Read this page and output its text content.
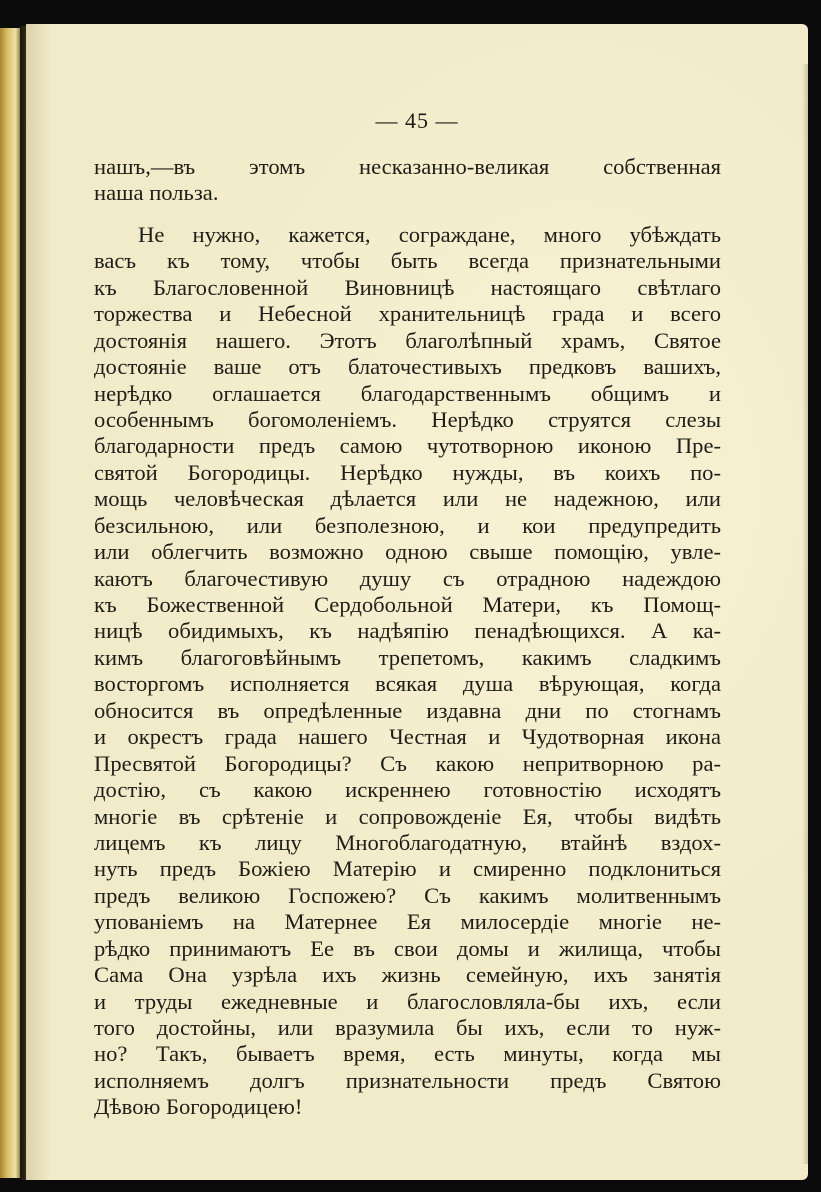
— 45 —
нашъ,—въ этомъ несказанно-великая собственная
наша польза.
Не нужно, кажется, сограждане, много убѣждать
васъ къ тому, чтобы быть всегда признательными
къ Благословенной Виновницѣ настоящаго свѣтлаго
торжества и Небесной хранительницѣ града и всего
достоянія нашего. Этотъ благолѣпный храмъ, Святое
достояніе ваше отъ блаточестивыхъ предковъ вашихъ,
нерѣдко оглашается благодарственнымъ общимъ и
особеннымъ богомоленіемъ. Нерѣдко струятся слезы
благодарности предъ самою чутотворною иконою Пре-
святой Богородицы. Нерѣдко нужды, въ коихъ по-
мощь человѣческая дѣлается или не надежною, или
безсильною, или безполезною, и кои предупредить
или облегчить возможно одною свыше помощію, увле-
каютъ благочестивую душу съ отрадною надеждою
къ Божественной Сердобольной Матери, къ Помощ-
ницѣ обидимыхъ, къ надѣяпію пенадѣющихся. А ка-
кимъ благоговѣйнымъ трепетомъ, какимъ сладкимъ
восторгомъ исполняется всякая душа вѣрующая, когда
обносится въ опредѣленные издавна дни по стогнамъ
и окрестъ града нашего Честная и Чудотворная икона
Пресвятой Богородицы? Съ какою непритворною ра-
достію, съ какою искреннею готовностію исходятъ
многіе въ срѣтеніе и сопровожденіе Ея, чтобы видѣть
лицемъ къ лицу Многоблагодатную, втайнѣ вздох-
нуть предъ Божіею Матерію и смиренно подклониться
предъ великою Госпожею? Съ какимъ молитвеннымъ
упованіемъ на Матернее Ея милосердіе многіе не-
рѣдко принимаютъ Ее въ свои домы и жилища, чтобы
Сама Она узрѣла ихъ жизнь семейную, ихъ занятія
и труды ежедневные и благословляла-бы ихъ, если
того достойны, или вразумила бы ихъ, если то нуж-
но? Такъ, бываетъ время, есть минуты, когда мы
исполняемъ долгъ признательности предъ Святою
Дѣвою Богородицею!
